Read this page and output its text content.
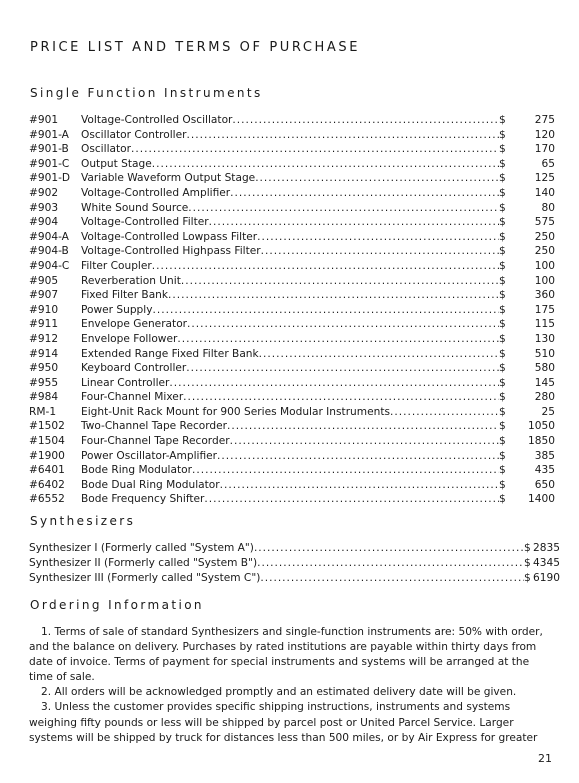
PRICE LIST AND TERMS OF PURCHASE
Single Function Instruments
#901	Voltage-Controlled Oscillator .....	$	275
#901-A	Oscillator Controller .....	$	120
#901-B	Oscillator .....	$	170
#901-C	Output Stage .....	$	65
#901-D	Variable Waveform Output Stage .....	$	125
#902	Voltage-Controlled Amplifier .....	$	140
#903	White Sound Source .....	$	80
#904	Voltage-Controlled Filter .....	$	575
#904-A	Voltage-Controlled Lowpass Filter .....	$	250
#904-B	Voltage-Controlled Highpass Filter .....	$	250
#904-C	Filter Coupler .....	$	100
#905	Reverberation Unit .....	$	100
#907	Fixed Filter Bank .....	$	360
#910	Power Supply .....	$	175
#911	Envelope Generator .....	$	115
#912	Envelope Follower .....	$	130
#914	Extended Range Fixed Filter Bank .....	$	510
#950	Keyboard Controller .....	$	580
#955	Linear Controller .....	$	145
#984	Four-Channel Mixer .....	$	280
RM-1	Eight-Unit Rack Mount for 900 Series Modular Instruments .....	$	25
#1502	Two-Channel Tape Recorder .....	$	1050
#1504	Four-Channel Tape Recorder .....	$	1850
#1900	Power Oscillator-Amplifier .....	$	385
#6401	Bode Ring Modulator .....	$	435
#6402	Bode Dual Ring Modulator .....	$	650
#6552	Bode Frequency Shifter .....	$	1400
Synthesizers
Synthesizer I (Formerly called "System A") .....	$ 2835
Synthesizer II (Formerly called "System B") .....	$ 4345
Synthesizer III (Formerly called "System C") .....	$ 6190
Ordering Information

1. Terms of sale of standard Synthesizers and single-function instruments are: 50% with order, and the balance on delivery. Purchases by rated institutions are payable within thirty days from date of invoice. Terms of payment for special instruments and systems will be arranged at the time of sale.

2. All orders will be acknowledged promptly and an estimated delivery date will be given.

3. Unless the customer provides specific shipping instructions, instruments and systems weighing fifty pounds or less will be shipped by parcel post or United Parcel Service. Larger systems will be shipped by truck for distances less than 500 miles, or by Air Express for greater

21
